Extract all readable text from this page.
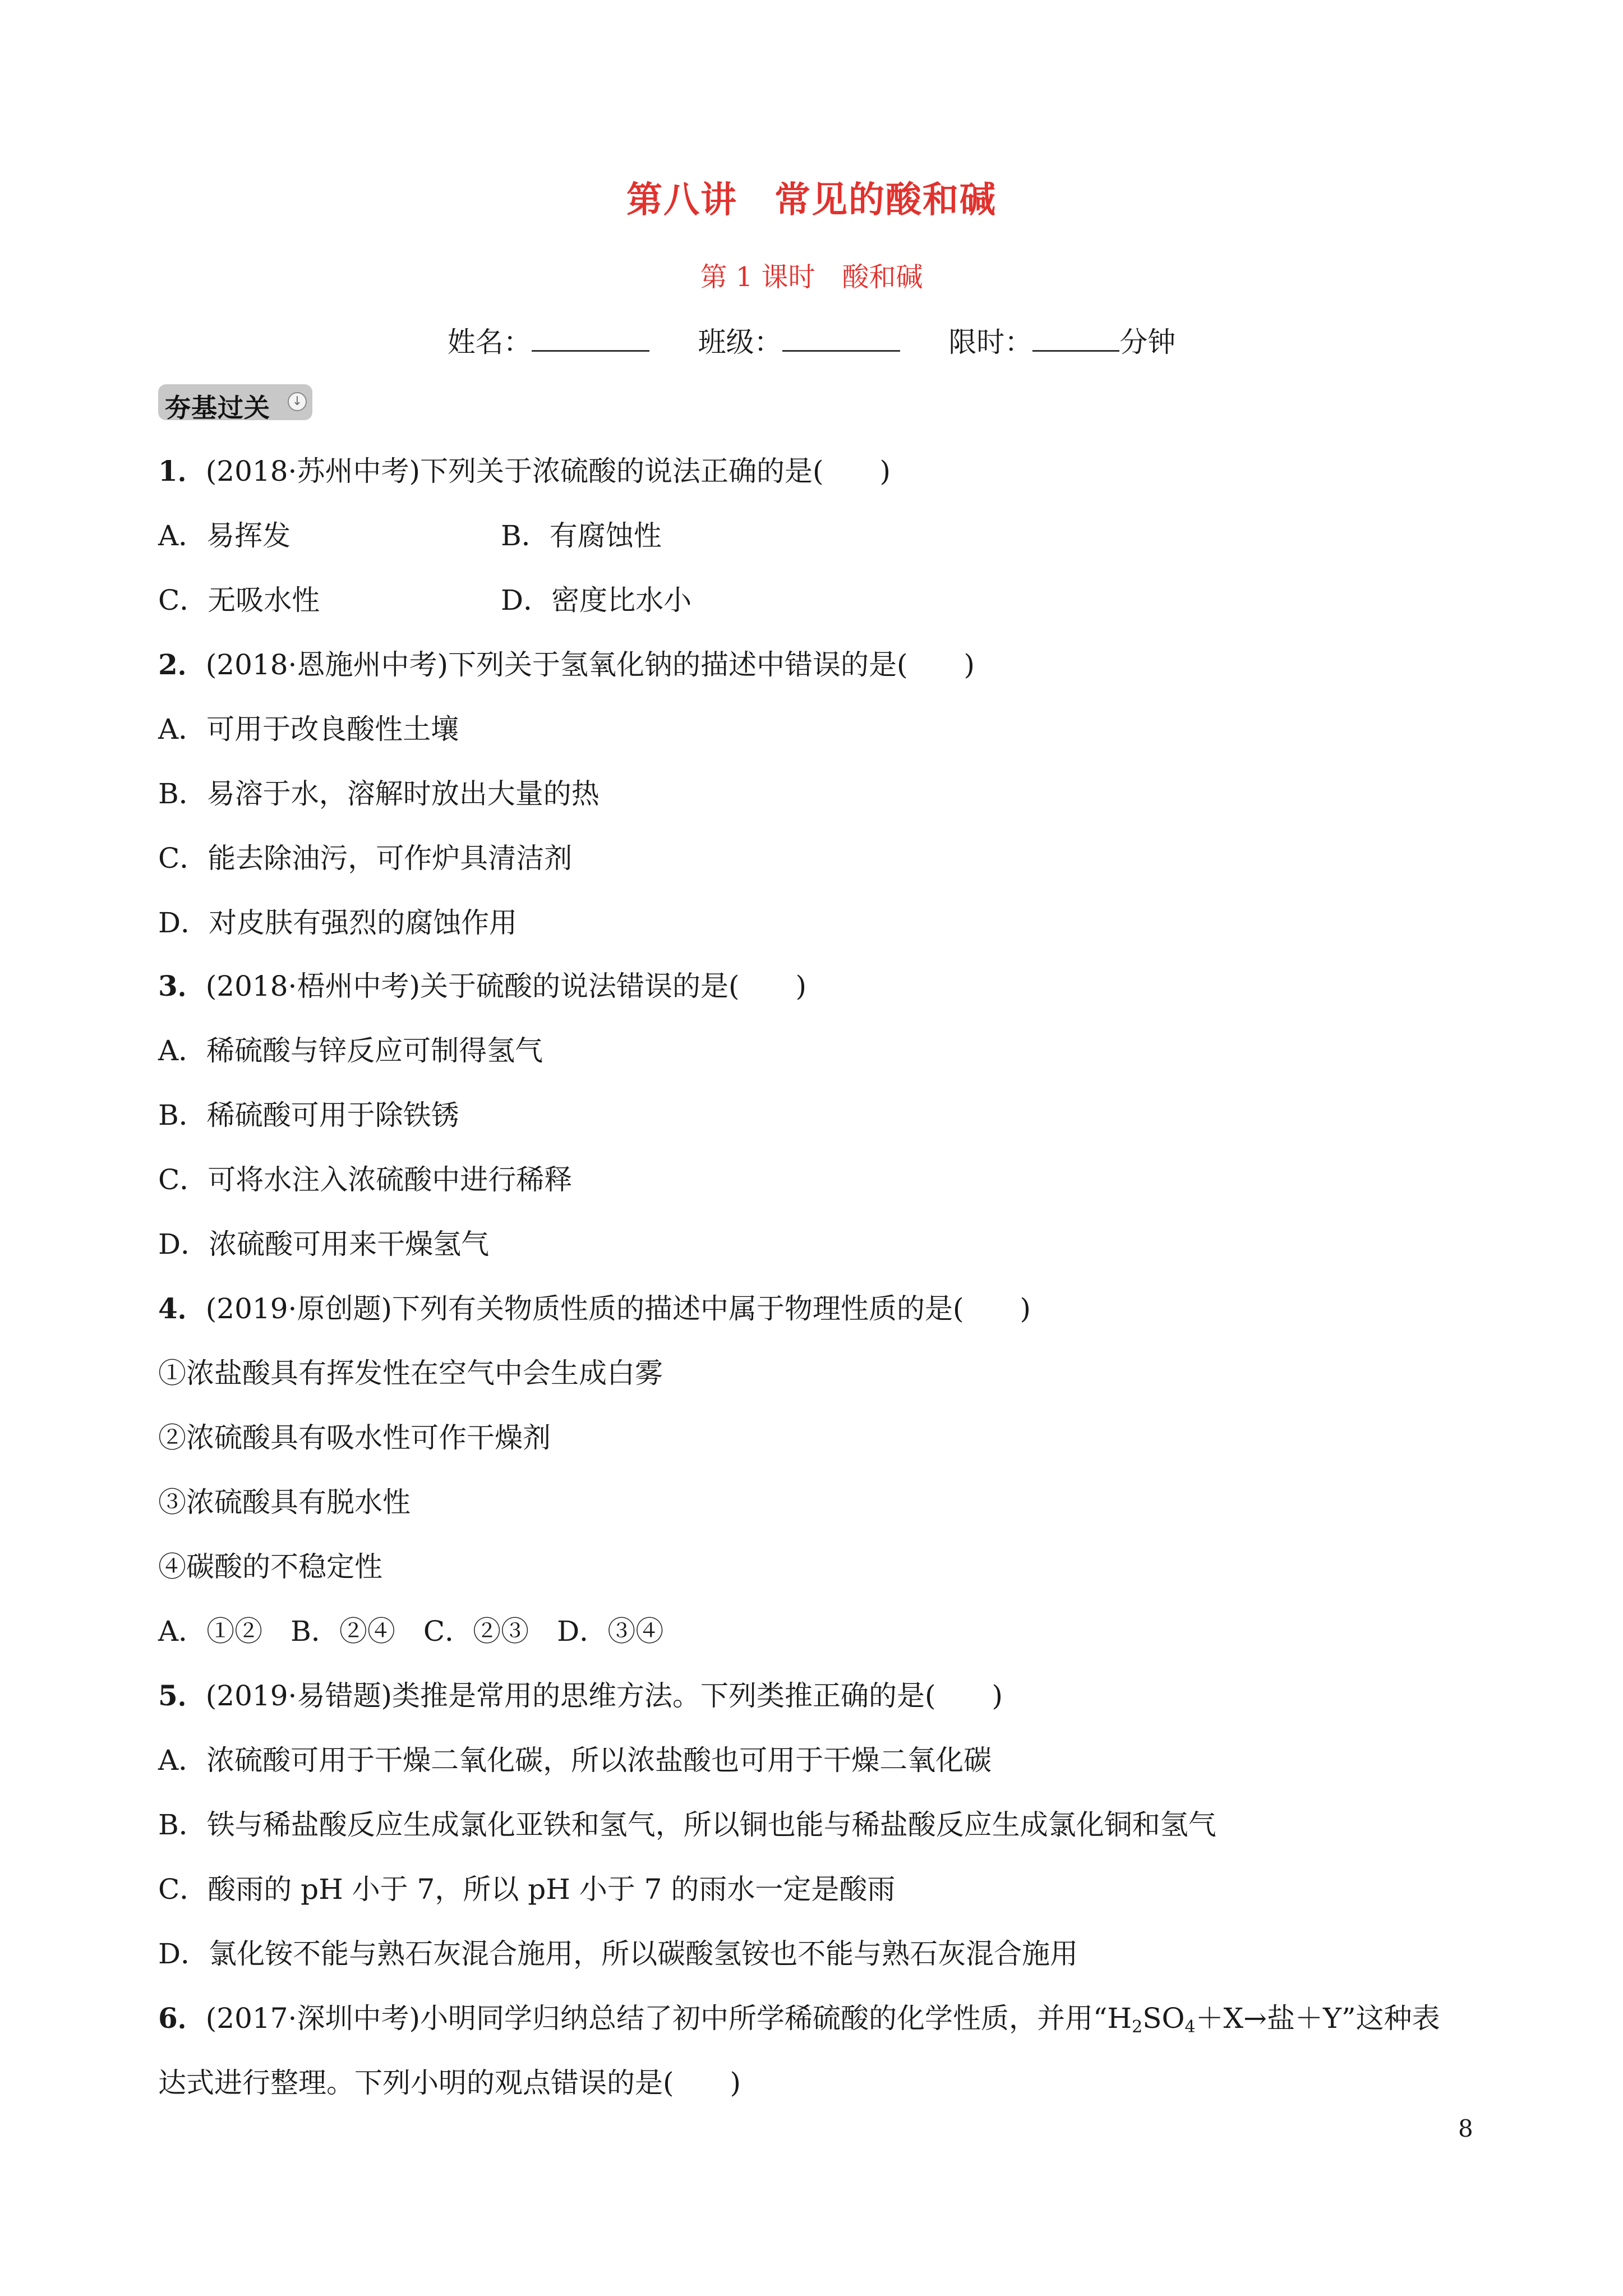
第八讲　常见的酸和碱
第 1 课时　酸和碱
姓名：	班级：	限时：	分钟
夯基过关	↓
1．(2018·苏州中考)下列关于浓硫酸的说法正确的是(　　)
A．易挥发	B．有腐蚀性
C．无吸水性	D．密度比水小
2．(2018·恩施州中考)下列关于氢氧化钠的描述中错误的是(　　)
A．可用于改良酸性土壤
B．易溶于水，溶解时放出大量的热
C．能去除油污，可作炉具清洁剂
D．对皮肤有强烈的腐蚀作用
3．(2018·梧州中考)关于硫酸的说法错误的是(　　)
A．稀硫酸与锌反应可制得氢气
B．稀硫酸可用于除铁锈
C．可将水注入浓硫酸中进行稀释
D．浓硫酸可用来干燥氢气
4．(2019·原创题)下列有关物质性质的描述中属于物理性质的是(　　)
①浓盐酸具有挥发性在空气中会生成白雾
②浓硫酸具有吸水性可作干燥剂
③浓硫酸具有脱水性
④碳酸的不稳定性
A．①②　B．②④　C．②③　D．③④
5．(2019·易错题)类推是常用的思维方法。下列类推正确的是(　　)
A．浓硫酸可用于干燥二氧化碳，所以浓盐酸也可用于干燥二氧化碳
B．铁与稀盐酸反应生成氯化亚铁和氢气，所以铜也能与稀盐酸反应生成氯化铜和氢气
C．酸雨的 pH 小于 7，所以 pH 小于 7 的雨水一定是酸雨
D．氯化铵不能与熟石灰混合施用，所以碳酸氢铵也不能与熟石灰混合施用
6．(2017·深圳中考)小明同学归纳总结了初中所学稀硫酸的化学性质，并用“$H_2SO_4+X\to$盐＋Y”这种表
达式进行整理。下列小明的观点错误的是(　　)
8
